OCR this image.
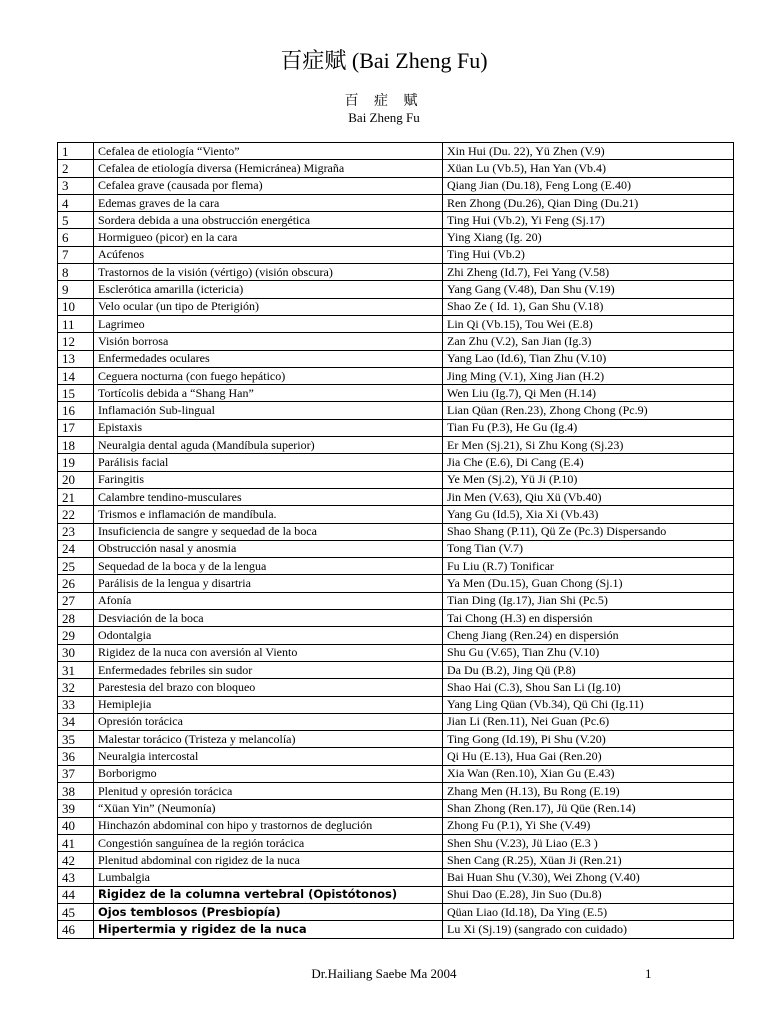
百症赋 (Bai Zheng Fu)
百 症 赋
Bai Zheng Fu
1	Cefalea de etiología “Viento”	Xin Hui (Du. 22), Yü Zhen (V.9)
2	Cefalea de etiología diversa (Hemicránea) Migraña	Xüan Lu (Vb.5), Han Yan (Vb.4)
3	Cefalea grave (causada por flema)	Qiang Jian (Du.18), Feng Long (E.40)
4	Edemas graves de la cara	Ren Zhong (Du.26), Qian Ding (Du.21)
5	Sordera debida a una obstrucción energética	Ting Hui (Vb.2), Yi Feng (Sj.17)
6	Hormigueo (picor) en la cara	Ying Xiang (Ig. 20)
7	Acúfenos	Ting Hui (Vb.2)
8	Trastornos de la visión (vértigo) (visión obscura)	Zhi Zheng (Id.7), Fei Yang (V.58)
9	Esclerótica amarilla (ictericia)	Yang Gang (V.48), Dan Shu (V.19)
10	Velo ocular (un tipo de Pterigión)	Shao Ze ( Id. 1), Gan Shu (V.18)
11	Lagrimeo	Lin Qi (Vb.15), Tou Wei (E.8)
12	Visión borrosa	Zan Zhu (V.2), San Jian (Ig.3)
13	Enfermedades oculares	Yang Lao (Id.6), Tian Zhu (V.10)
14	Ceguera nocturna (con fuego hepático)	Jing Ming (V.1), Xing Jian (H.2)
15	Tortícolis debida a “Shang Han”	Wen Liu (Ig.7), Qi Men (H.14)
16	Inflamación Sub-lingual	Lian Qüan (Ren.23), Zhong Chong (Pc.9)
17	Epistaxis	Tian Fu (P.3), He Gu (Ig.4)
18	Neuralgia dental aguda (Mandíbula superior)	Er Men (Sj.21), Si Zhu Kong (Sj.23)
19	Parálisis facial	Jia Che (E.6), Di Cang (E.4)
20	Faringitis	Ye Men (Sj.2), Yü Ji (P.10)
21	Calambre tendino-musculares	Jin Men (V.63), Qiu Xü (Vb.40)
22	Trismos e inflamación de mandíbula.	Yang Gu (Id.5), Xia Xi (Vb.43)
23	Insuficiencia de sangre y sequedad de la boca	Shao Shang (P.11), Qü Ze (Pc.3) Dispersando
24	Obstrucción nasal y anosmia	Tong Tian (V.7)
25	Sequedad de la boca y de la lengua	Fu Liu (R.7) Tonificar
26	Parálisis de la lengua y disartria	Ya Men (Du.15), Guan Chong (Sj.1)
27	Afonía	Tian Ding (Ig.17), Jian Shi (Pc.5)
28	Desviación de la boca	Tai Chong (H.3) en dispersión
29	Odontalgia	Cheng Jiang (Ren.24) en dispersión
30	Rigidez de la nuca con aversión al Viento	Shu Gu (V.65), Tian Zhu (V.10)
31	Enfermedades febriles sin sudor	Da Du (B.2), Jing Qü (P.8)
32	Parestesia del brazo con bloqueo	Shao Hai (C.3), Shou San Li (Ig.10)
33	Hemiplejia	Yang Ling Qüan (Vb.34), Qü Chi (Ig.11)
34	Opresión torácica	Jian Li (Ren.11), Nei Guan (Pc.6)
35	Malestar torácico (Tristeza y melancolía)	Ting Gong (Id.19), Pi Shu (V.20)
36	Neuralgia intercostal	Qi Hu (E.13), Hua Gai (Ren.20)
37	Borborigmo	Xia Wan (Ren.10), Xian Gu (E.43)
38	Plenitud y opresión torácica	Zhang Men (H.13), Bu Rong (E.19)
39	“Xüan Yin” (Neumonía)	Shan Zhong (Ren.17), Jü Qüe (Ren.14)
40	Hinchazón abdominal con hipo y trastornos de deglución	Zhong Fu (P.1), Yi She (V.49)
41	Congestión sanguínea de la región torácica	Shen Shu (V.23), Jü Liao (E.3 )
42	Plenitud abdominal con rigidez de la nuca	Shen Cang (R.25), Xüan Ji (Ren.21)
43	Lumbalgia	Bai Huan Shu (V.30), Wei Zhong (V.40)
44	Rigidez de la columna vertebral (Opistótonos)	Shui Dao (E.28), Jin Suo (Du.8)
45	Ojos temblosos (Presbiopía)	Qüan Liao (Id.18), Da Ying (E.5)
46	Hipertermia y rigidez de la nuca	Lu Xi (Sj.19) (sangrado con cuidado)
Dr.Hailiang Saebe Ma 2004	1
